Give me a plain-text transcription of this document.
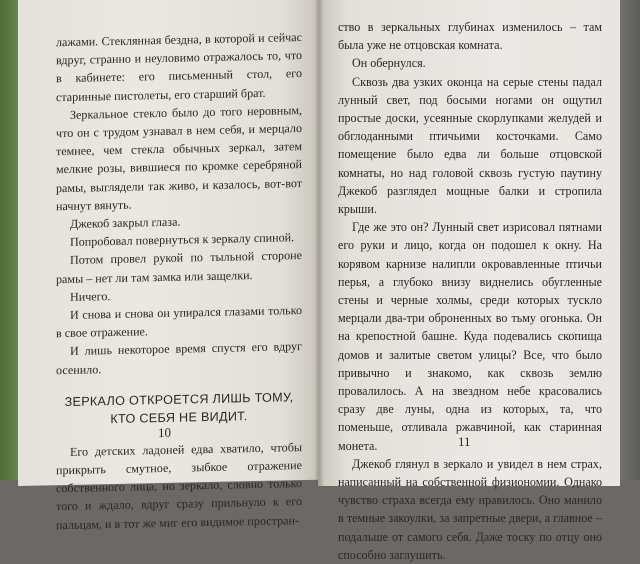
лажами. Стеклянная бездна, в которой и сейчас вдруг, странно и неуловимо отражалось то, что в кабинете: его письменный стол, его старинные пистолеты, его старший брат.

Зеркальное стекло было до того неровным, что он с трудом узнавал в нем себя, и мерцало темнее, чем стекла обычных зеркал, затем мелкие розы, вившиеся по кромке серебряной рамы, выглядели так живо, и казалось, вот-вот начнут вянуть.

Джекоб закрыл глаза.

Попробовал повернуться к зеркалу спиной.

Потом провел рукой по тыльной стороне рамы – нет ли там замка или защелки.

Ничего.

И снова и снова он упирался глазами только в свое отражение.

И лишь некоторое время спустя его вдруг осенило.

ЗЕРКАЛО ОТКРОЕТСЯ ЛИШЬ ТОМУ, КТО СЕБЯ НЕ ВИДИТ.

Его детских ладоней едва хватило, чтобы прикрыть смутное, зыбкое отражение собственного лица, но зеркало, словно только того и ждало, вдруг сразу прильнуло к его пальцам, и в тот же миг его видимое простран-

10

ство в зеркальных глубинах изменилось – там была уже не отцовская комната.

Он обернулся.

Сквозь два узких оконца на серые стены падал лунный свет, под босыми ногами он ощутил простые доски, усеянные скорлупками желудей и обглоданными птичьими косточками. Само помещение было едва ли больше отцовской комнаты, но над головой сквозь густую паутину Джекоб разглядел мощные балки и стропила крыши.

Где же это он? Лунный свет изрисовал пятнами его руки и лицо, когда он подошел к окну. На корявом карнизе налипли окровавленные птичьи перья, а глубоко внизу виднелись обугленные стены и черные холмы, среди которых тускло мерцали два-три оброненных во тьму огонька. Он на крепостной башне. Куда подевались скопища домов и залитые светом улицы? Все, что было привычно и знакомо, как сквозь землю провалилось. А на звездном небе красовались сразу две луны, одна из которых, та, что поменьше, отливала ржавчиной, как старинная монета.

Джекоб глянул в зеркало и увидел в нем страх, написанный на собственной физиономии. Однако чувство страха всегда ему нравилось. Оно манило в темные закоулки, за запретные двери, а главное – подальше от самого себя. Даже тоску по отцу оно способно заглушить.

11
